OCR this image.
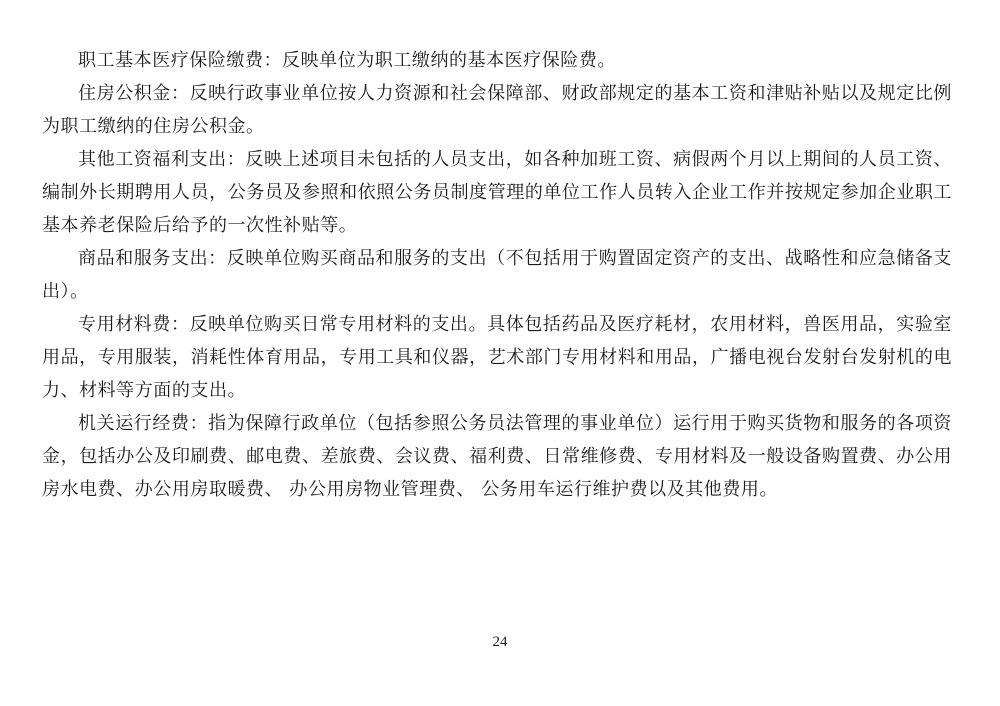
职工基本医疗保险缴费：反映单位为职工缴纳的基本医疗保险费。

住房公积金：反映行政事业单位按人力资源和社会保障部、财政部规定的基本工资和津贴补贴以及规定比例为职工缴纳的住房公积金。

其他工资福利支出：反映上述项目未包括的人员支出，如各种加班工资、病假两个月以上期间的人员工资、编制外长期聘用人员，公务员及参照和依照公务员制度管理的单位工作人员转入企业工作并按规定参加企业职工基本养老保险后给予的一次性补贴等。

商品和服务支出：反映单位购买商品和服务的支出（不包括用于购置固定资产的支出、战略性和应急储备支出）。

专用材料费：反映单位购买日常专用材料的支出。具体包括药品及医疗耗材，农用材料，兽医用品，实验室用品，专用服装，消耗性体育用品，专用工具和仪器，艺术部门专用材料和用品，广播电视台发射台发射机的电力、材料等方面的支出。

机关运行经费：指为保障行政单位（包括参照公务员法管理的事业单位）运行用于购买货物和服务的各项资金，包括办公及印刷费、邮电费、差旅费、会议费、福利费、日常维修费、专用材料及一般设备购置费、办公用房水电费、办公用房取暖费、 办公用房物业管理费、 公务用车运行维护费以及其他费用。

24
